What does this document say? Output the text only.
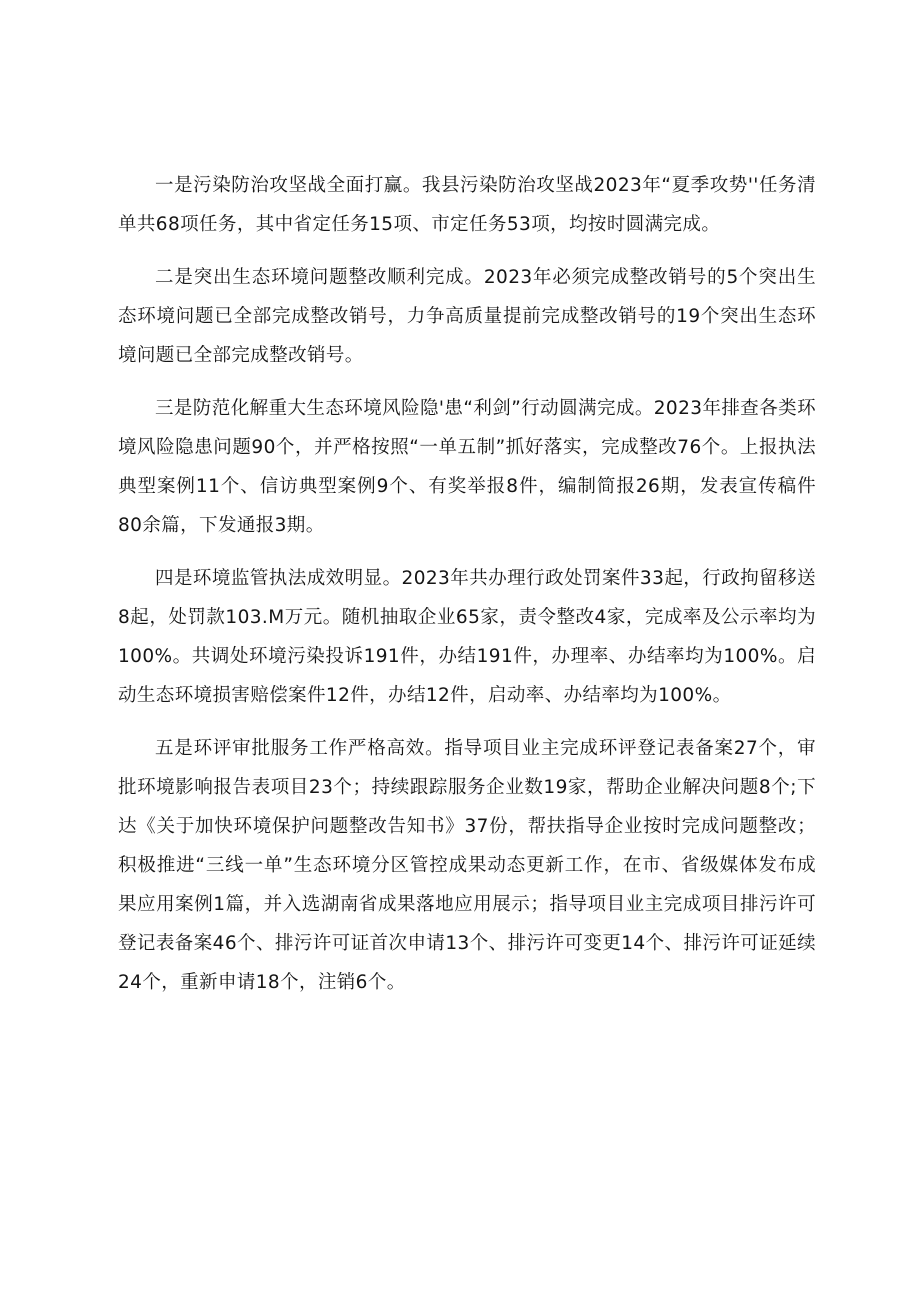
一是污染防治攻坚战全面打赢。我县污染防治攻坚战2023年“夏季攻势''任务清单共68项任务，其中省定任务15项、市定任务53项，均按时圆满完成。

二是突出生态环境问题整改顺利完成。2023年必须完成整改销号的5个突出生态环境问题已全部完成整改销号，力争高质量提前完成整改销号的19个突出生态环境问题已全部完成整改销号。

三是防范化解重大生态环境风险隐'患“利剑”行动圆满完成。2023年排查各类环境风险隐患问题90个，并严格按照“一单五制”抓好落实，完成整改76个。上报执法典型案例11个、信访典型案例9个、有奖举报8件，编制简报26期，发表宣传稿件80余篇，下发通报3期。

四是环境监管执法成效明显。2023年共办理行政处罚案件33起，行政拘留移送8起，处罚款103.M万元。随机抽取企业65家，责令整改4家，完成率及公示率均为100%。共调处环境污染投诉191件，办结191件，办理率、办结率均为100%。启动生态环境损害赔偿案件12件，办结12件，启动率、办结率均为100%。

五是环评审批服务工作严格高效。指导项目业主完成环评登记表备案27个，审批环境影响报告表项目23个；持续跟踪服务企业数19家，帮助企业解决问题8个;下达《关于加快环境保护问题整改告知书》37份，帮扶指导企业按时完成问题整改；积极推进“三线一单”生态环境分区管控成果动态更新工作，在市、省级媒体发布成果应用案例1篇，并入选湖南省成果落地应用展示；指导项目业主完成项目排污许可登记表备案46个、排污许可证首次申请13个、排污许可变更14个、排污许可证延续24个，重新申请18个，注销6个。
